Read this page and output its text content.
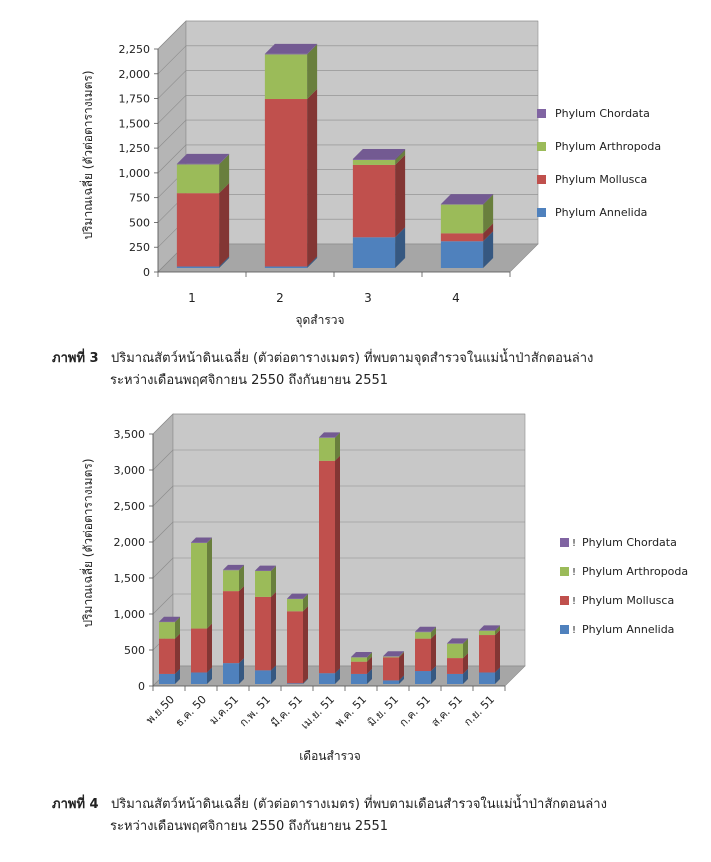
0
250
500
750
1,000
1,250
1,500
1,750
2,000
2,250
1	2	3	4
ปริมาณเฉลี่ย (ตัวต่อตารางเมตร)
จุดสำรวจ
Phylum Chordata
Phylum Arthropoda
Phylum Mollusca
Phylum Annelida
ภาพที่ 3 ปริมาณสัตว์หน้าดินเฉลี่ย (ตัวต่อตารางเมตร) ที่พบตามจุดสำรวจในแม่น้ำป่าสักตอนล่าง
ระหว่างเดือนพฤศจิกายน 2550 ถึงกันยายน 2551
0
500
1,000
1,500
2,000
2,500
3,000
3,500
พ.ย.50
ธ.ค. 50
ม.ค.51
ก.พ. 51
มี.ค. 51
เม.ย. 51
พ.ค. 51
มิ.ย. 51
ก.ค. 51
ส.ค. 51
ก.ย. 51
ปริมาณเฉลี่ย (ตัวต่อตารางเมตร)
เดือนสำรวจ
! Phylum Chordata
! Phylum Arthropoda
! Phylum Mollusca
! Phylum Annelida
ภาพที่ 4 ปริมาณสัตว์หน้าดินเฉลี่ย (ตัวต่อตารางเมตร) ที่พบตามเดือนสำรวจในแม่น้ำป่าสักตอนล่าง
ระหว่างเดือนพฤศจิกายน 2550 ถึงกันยายน 2551
